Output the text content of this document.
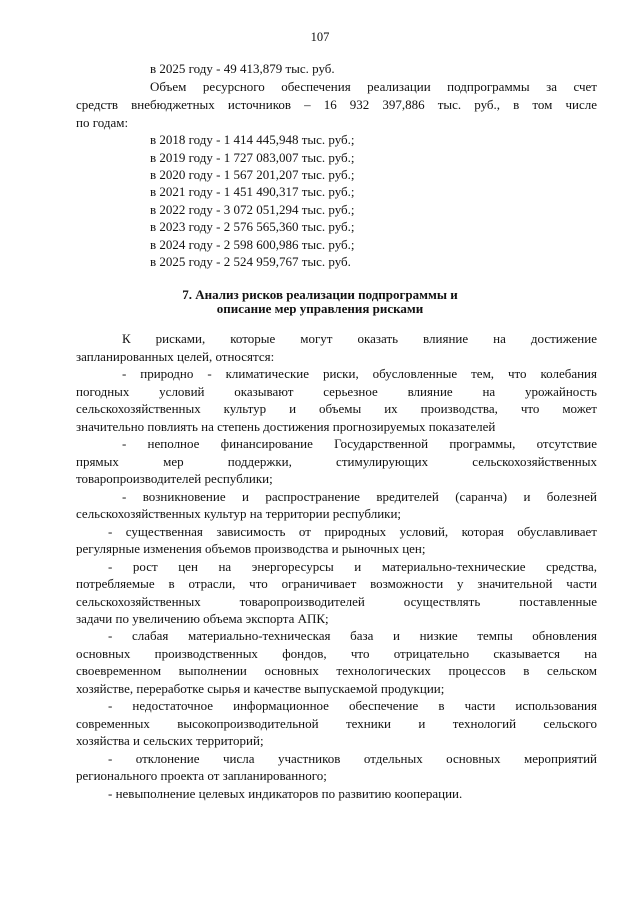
107
в 2025 году - 49 413,879 тыс. руб.
Объем ресурсного обеспечения реализации подпрограммы за счет
средств внебюджетных источников – 16 932 397,886 тыс. руб., в том числе
по годам:
в 2018 году - 1 414 445,948 тыс. руб.;
в 2019 году - 1 727 083,007 тыс. руб.;
в 2020 году - 1 567 201,207 тыс. руб.;
в 2021 году - 1 451 490,317 тыс. руб.;
в 2022 году - 3 072 051,294 тыс. руб.;
в 2023 году - 2 576 565,360 тыс. руб.;
в 2024 году - 2 598 600,986 тыс. руб.;
в 2025 году - 2 524 959,767 тыс. руб.
7. Анализ рисков реализации подпрограммы и
описание мер управления рисками
К рисками, которые могут оказать влияние на достижение
запланированных целей, относятся:
- природно - климатические риски, обусловленные тем, что колебания
погодных условий оказывают серьезное влияние на урожайность
сельскохозяйственных культур и объемы их производства, что может
значительно повлиять на степень достижения прогнозируемых показателей
- неполное финансирование Государственной программы, отсутствие
прямых мер поддержки, стимулирующих сельскохозяйственных
товаропроизводителей республики;
- возникновение и распространение вредителей (саранча) и болезней
сельскохозяйственных культур на территории республики;
- существенная зависимость от природных условий, которая обуславливает
регулярные изменения объемов производства и рыночных цен;
- рост цен на энергоресурсы и материально-технические средства,
потребляемые в отрасли, что ограничивает возможности у значительной части
сельскохозяйственных товаропроизводителей осуществлять поставленные
задачи по увеличению объема экспорта АПК;
- слабая материально-техническая база и низкие темпы обновления
основных производственных фондов, что отрицательно сказывается на
своевременном выполнении основных технологических процессов в сельском
хозяйстве, переработке сырья и качестве выпускаемой продукции;
- недостаточное информационное обеспечение в части использования
современных высокопроизводительной техники и технологий сельского
хозяйства и сельских территорий;
- отклонение числа участников отдельных основных мероприятий
регионального проекта от запланированного;
- невыполнение целевых индикаторов по развитию кооперации.
